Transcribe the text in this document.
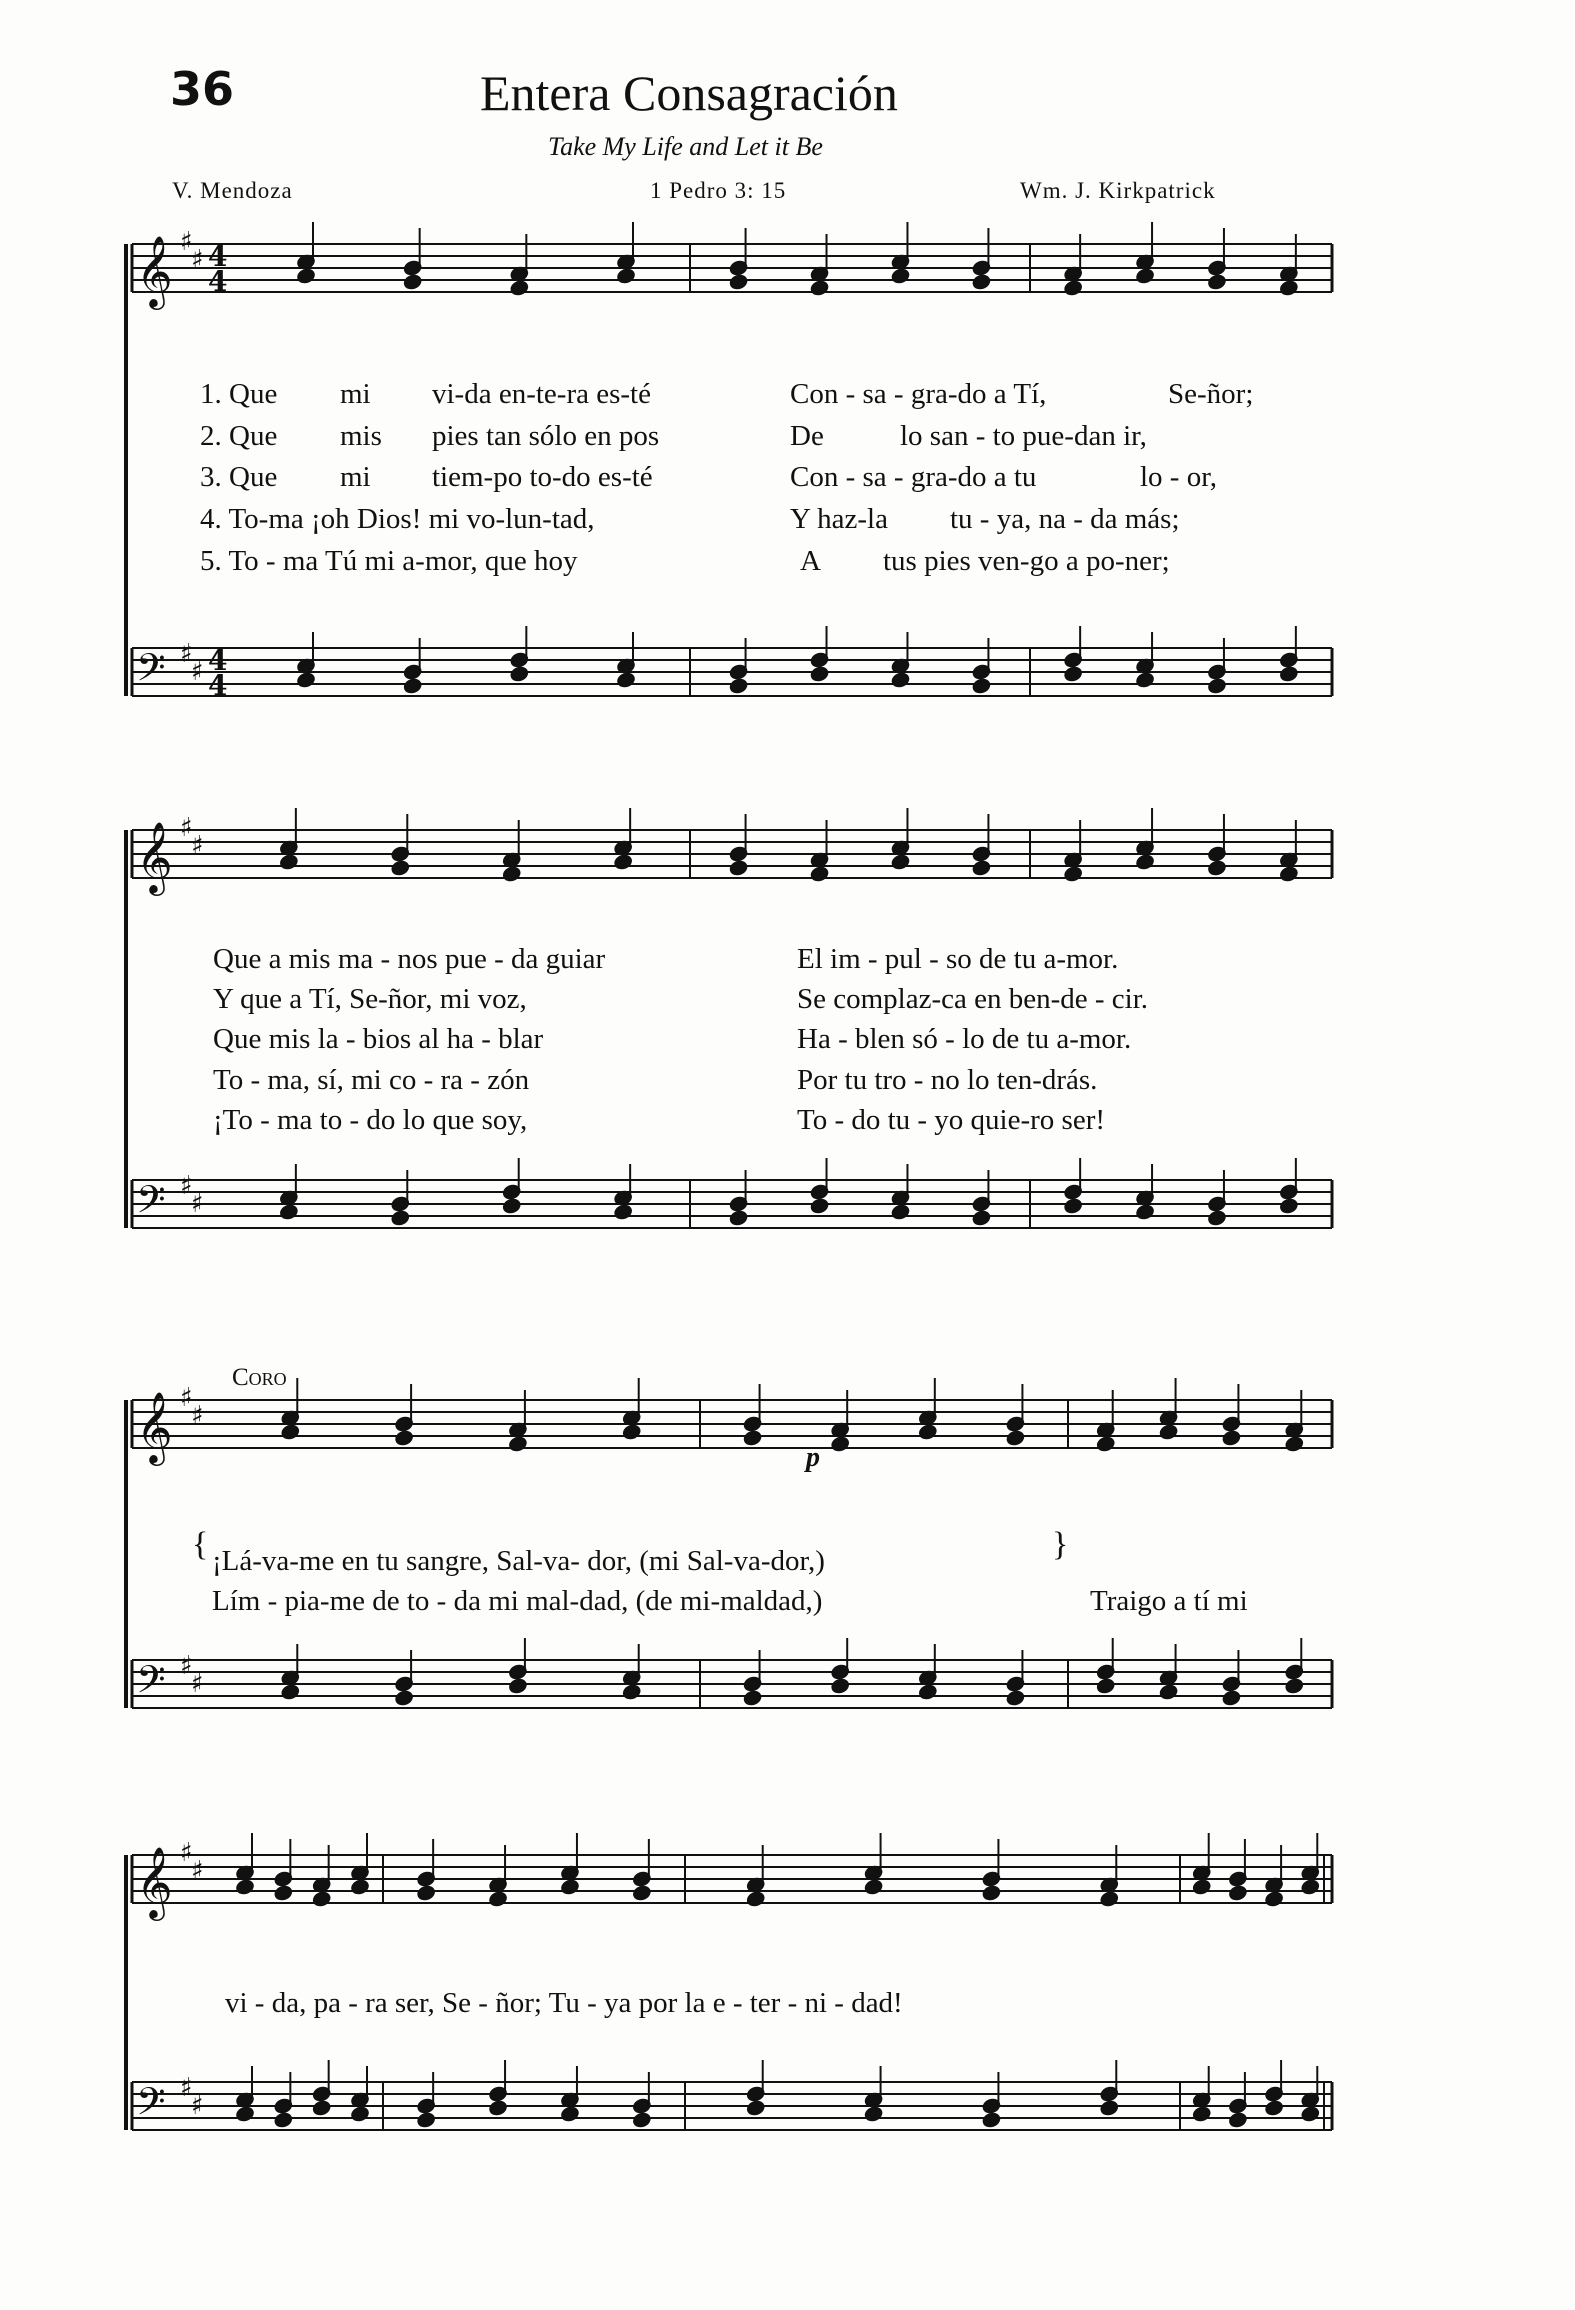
36	Entera Consagración
Take My Life and Let it Be
V. Mendoza	1 Pedro 3: 15	Wm. J. Kirkpatrick
1. Que mi vi-da en-te-ra es-té	Con - sa - gra-do a Tí,	Se-ñor;
2. Que mis pies tan sólo en pos	De	lo san - to pue-dan ir,
3. Que mi tiem-po to-do es-té	Con - sa - gra-do a tu	lo - or,
4. To-ma ¡oh Dios! mi vo-lun-tad,	Y haz-la tu - ya, na - da más;
5. To - ma Tú mi a-mor, que hoy	A tus pies ven-go a po-ner;
Que a mis ma - nos pue - da guiar
Y que a Tí, Se-ñor, mi voz,
Que mis la - bios al ha - blar
To - ma, sí, mi co - ra - zón
¡To - ma to - do lo que soy,
El im - pul - so de tu a-mor.
Se complaz-ca en ben-de - cir.
Ha - blen só - lo de tu a-mor.
Por tu tro - no lo ten-drás.
To - do tu - yo quie-ro ser!
Coro
p
{ ¡Lá-va-me en tu sangre, Sal-va- dor, (mi Sal-va-dor,)
Lím - pia-me de to - da mi mal-dad, (de mi-maldad,)
}
Traigo a tí mi
vi - da, pa - ra ser, Se - ñor; Tu - ya por la e - ter - ni - dad!
𝄞
𝄢
♯
♯
♯
♯
4
4
4
4
𝄞
𝄢
♯
♯
♯
♯
𝄞
𝄢
♯
♯
♯
♯
𝄞
𝄢
♯
♯
♯
♯
